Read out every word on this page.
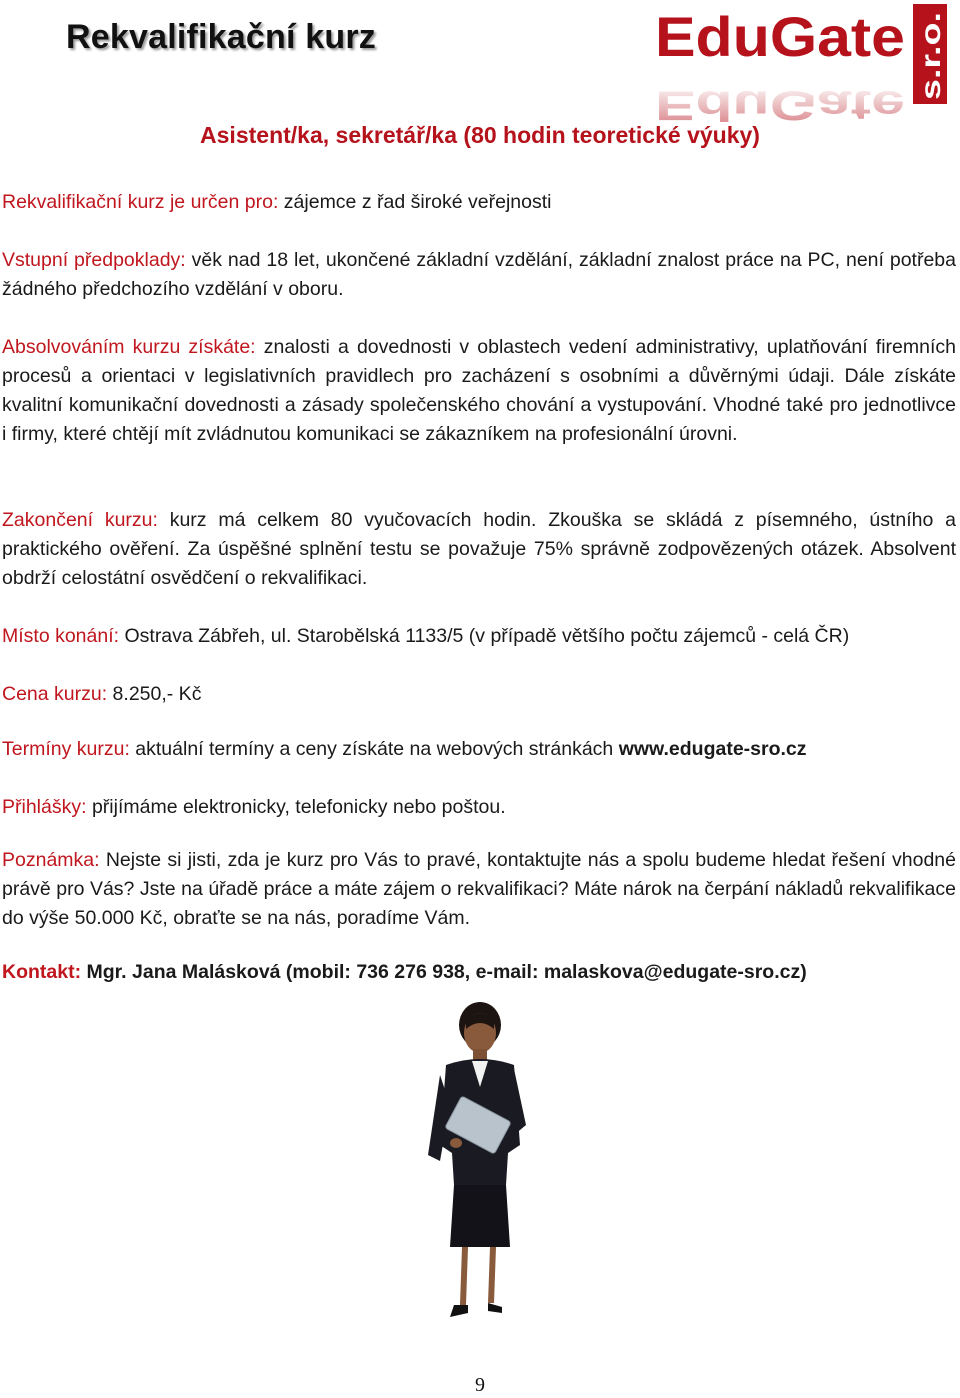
Rekvalifikační kurz	EduGate
EduGate
s.r.o.
Asistent/ka, sekretář/ka (80 hodin teoretické výuky)

Rekvalifikační kurz je určen pro: zájemce z řad široké veřejnosti

Vstupní předpoklady: věk nad 18 let, ukončené základní vzdělání, základní znalost práce na PC, není potřeba žádného předchozího vzdělání v oboru.

Absolvováním kurzu získáte: znalosti a dovednosti v oblastech vedení administrativy, uplatňování firemních procesů a orientaci v legislativních pravidlech pro zacházení s osobními a důvěrnými údaji. Dále získáte kvalitní komunikační dovednosti a zásady společenského chování a vystupování. Vhodné také pro jednotlivce i firmy, které chtějí mít zvládnutou komunikaci se zákazníkem na profesionální úrovni.

Zakončení kurzu: kurz má celkem 80 vyučovacích hodin. Zkouška se skládá z písemného, ústního a praktického ověření. Za úspěšné splnění testu se považuje 75% správně zodpovězených otázek. Absolvent obdrží celostátní osvědčení o rekvalifikaci.

Místo konání: Ostrava Zábřeh, ul. Starobělská 1133/5 (v případě většího počtu zájemců - celá ČR)

Cena kurzu: 8.250,- Kč

Termíny kurzu: aktuální termíny a ceny získáte na webových stránkách www.edugate-sro.cz

Přihlášky: přijímáme elektronicky, telefonicky nebo poštou.

Poznámka: Nejste si jisti, zda je kurz pro Vás to pravé, kontaktujte nás a spolu budeme hledat řešení vhodné právě pro Vás? Jste na úřadě práce a máte zájem o rekvalifikaci? Máte nárok na čerpání nákladů rekvalifikace do výše 50.000 Kč, obraťte se na nás, poradíme Vám.

Kontakt: Mgr. Jana Malásková (mobil: 736 276 938, e-mail: malaskova@edugate-sro.cz)

9
